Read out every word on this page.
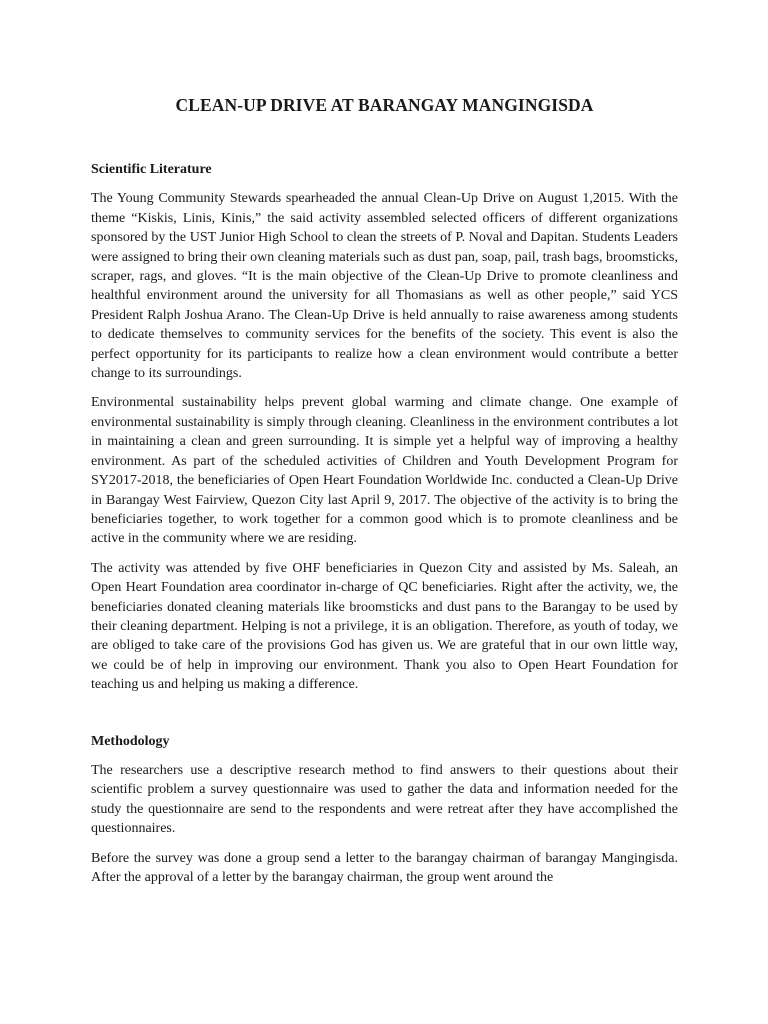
CLEAN-UP DRIVE AT BARANGAY MANGINGISDA
Scientific Literature

The Young Community Stewards spearheaded the annual Clean-Up Drive on August 1,2015. With the theme “Kiskis, Linis, Kinis,” the said activity assembled selected officers of different organizations sponsored by the UST Junior High School to clean the streets of P. Noval and Dapitan. Students Leaders were assigned to bring their own cleaning materials such as dust pan, soap, pail, trash bags, broomsticks, scraper, rags, and gloves. “It is the main objective of the Clean-Up Drive to promote cleanliness and healthful environment around the university for all Thomasians as well as other people,” said YCS President Ralph Joshua Arano. The Clean-Up Drive is held annually to raise awareness among students to dedicate themselves to community services for the benefits of the society. This event is also the perfect opportunity for its participants to realize how a clean environment would contribute a better change to its surroundings.

Environmental sustainability helps prevent global warming and climate change. One example of environmental sustainability is simply through cleaning. Cleanliness in the environment contributes a lot in maintaining a clean and green surrounding. It is simple yet a helpful way of improving a healthy environment. As part of the scheduled activities of Children and Youth Development Program for SY2017-2018, the beneficiaries of Open Heart Foundation Worldwide Inc. conducted a Clean-Up Drive in Barangay West Fairview, Quezon City last April 9, 2017. The objective of the activity is to bring the beneficiaries together, to work together for a common good which is to promote cleanliness and be active in the community where we are residing.

The activity was attended by five OHF beneficiaries in Quezon City and assisted by Ms. Saleah, an Open Heart Foundation area coordinator in-charge of QC beneficiaries. Right after the activity, we, the beneficiaries donated cleaning materials like broomsticks and dust pans to the Barangay to be used by their cleaning department. Helping is not a privilege, it is an obligation. Therefore, as youth of today, we are obliged to take care of the provisions God has given us. We are grateful that in our own little way, we could be of help in improving our environment. Thank you also to Open Heart Foundation for teaching us and helping us making a difference.

Methodology

The researchers use a descriptive research method to find answers to their questions about their scientific problem a survey questionnaire was used to gather the data and information needed for the study the questionnaire are send to the respondents and were retreat after they have accomplished the questionnaires.

Before the survey was done a group send a letter to the barangay chairman of barangay Mangingisda. After the approval of a letter by the barangay chairman, the group went around the
